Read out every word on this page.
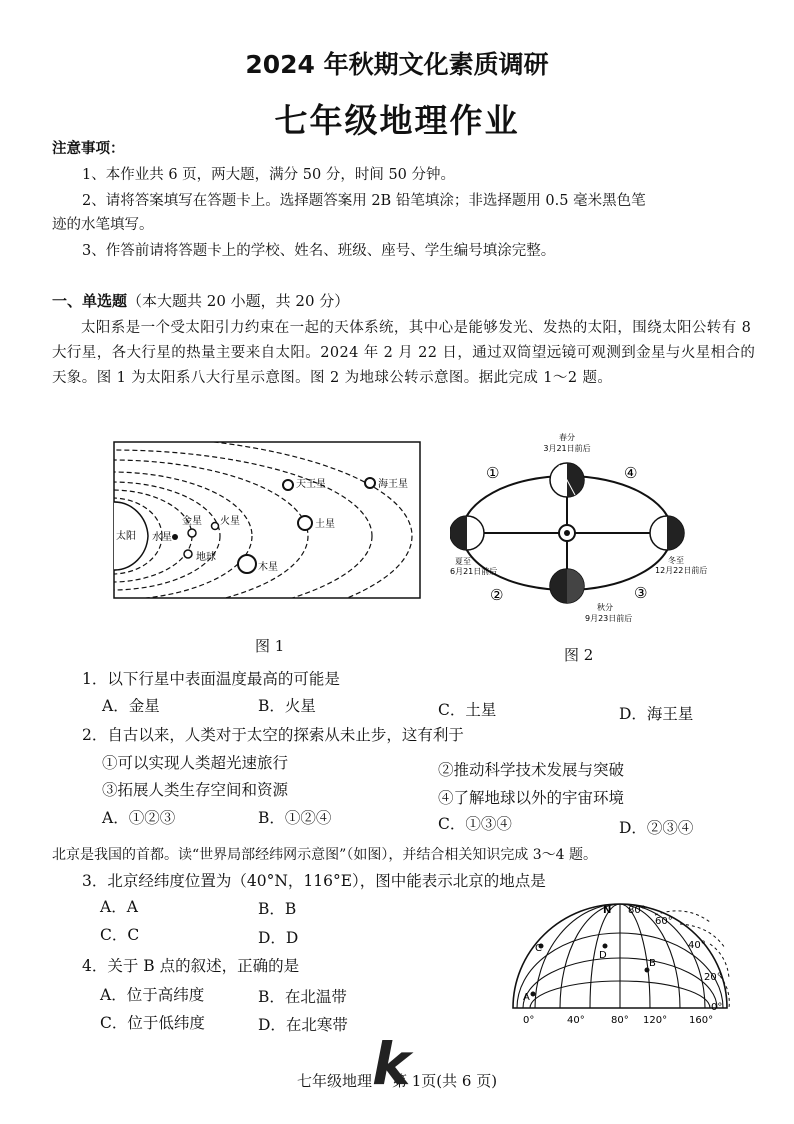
2024 年秋期文化素质调研
七年级地理作业
注意事项：
1、本作业共 6 页，两大题，满分 50 分，时间 50 分钟。
2、请将答案填写在答题卡上。选择题答案用 2B 铅笔填涂；非选择题用 0.5 毫米黑色笔
迹的水笔填写。
3、作答前请将答题卡上的学校、姓名、班级、座号、学生编号填涂完整。
一、单选题（本大题共 20 小题，共 20 分）
太阳系是一个受太阳引力约束在一起的天体系统，其中心是能够发光、发热的太阳，围绕太阳公转有 8 大行星，各大行星的热量主要来自太阳。2024 年 2 月 22 日，通过双筒望远镜可观测到金星与火星相合的天象。图 1 为太阳系八大行星示意图。图 2 为地球公转示意图。据此完成 1～2 题。
太阳 水星
金星
地球
火星
木星
土星
天王星	海王星
图 1
春分
3月21日前后
夏至
6月21日前后
冬至
12月22日前后
秋分
9月23日前后
①
②	③
④
图 2
1．以下行星中表面温度最高的可能是
A．金星	B．火星	C．土星	D．海王星
2．自古以来，人类对于太空的探索从未止步，这有利于
①可以实现人类超光速旅行	②推动科学技术发展与突破
③拓展人类生存空间和资源	④了解地球以外的宇宙环境
A．①②③	B．①②④	C．①③④	D．②③④
北京是我国的首都。读“世界局部经纬网示意图”（如图），并结合相关知识完成 3～4 题。
3．北京经纬度位置为（40°N，116°E），图中能表示北京的地点是
A．A	B．B
C．C	D．D
4．关于 B 点的叙述，正确的是
A．位于高纬度	B．在北温带
C．位于低纬度	D．在北寒带
N 80°
60°
40°
20°
0°
0°	40°	80° 120° 160°
A
B
C
D
七年级地理 第 1页(共 6 页)
k
